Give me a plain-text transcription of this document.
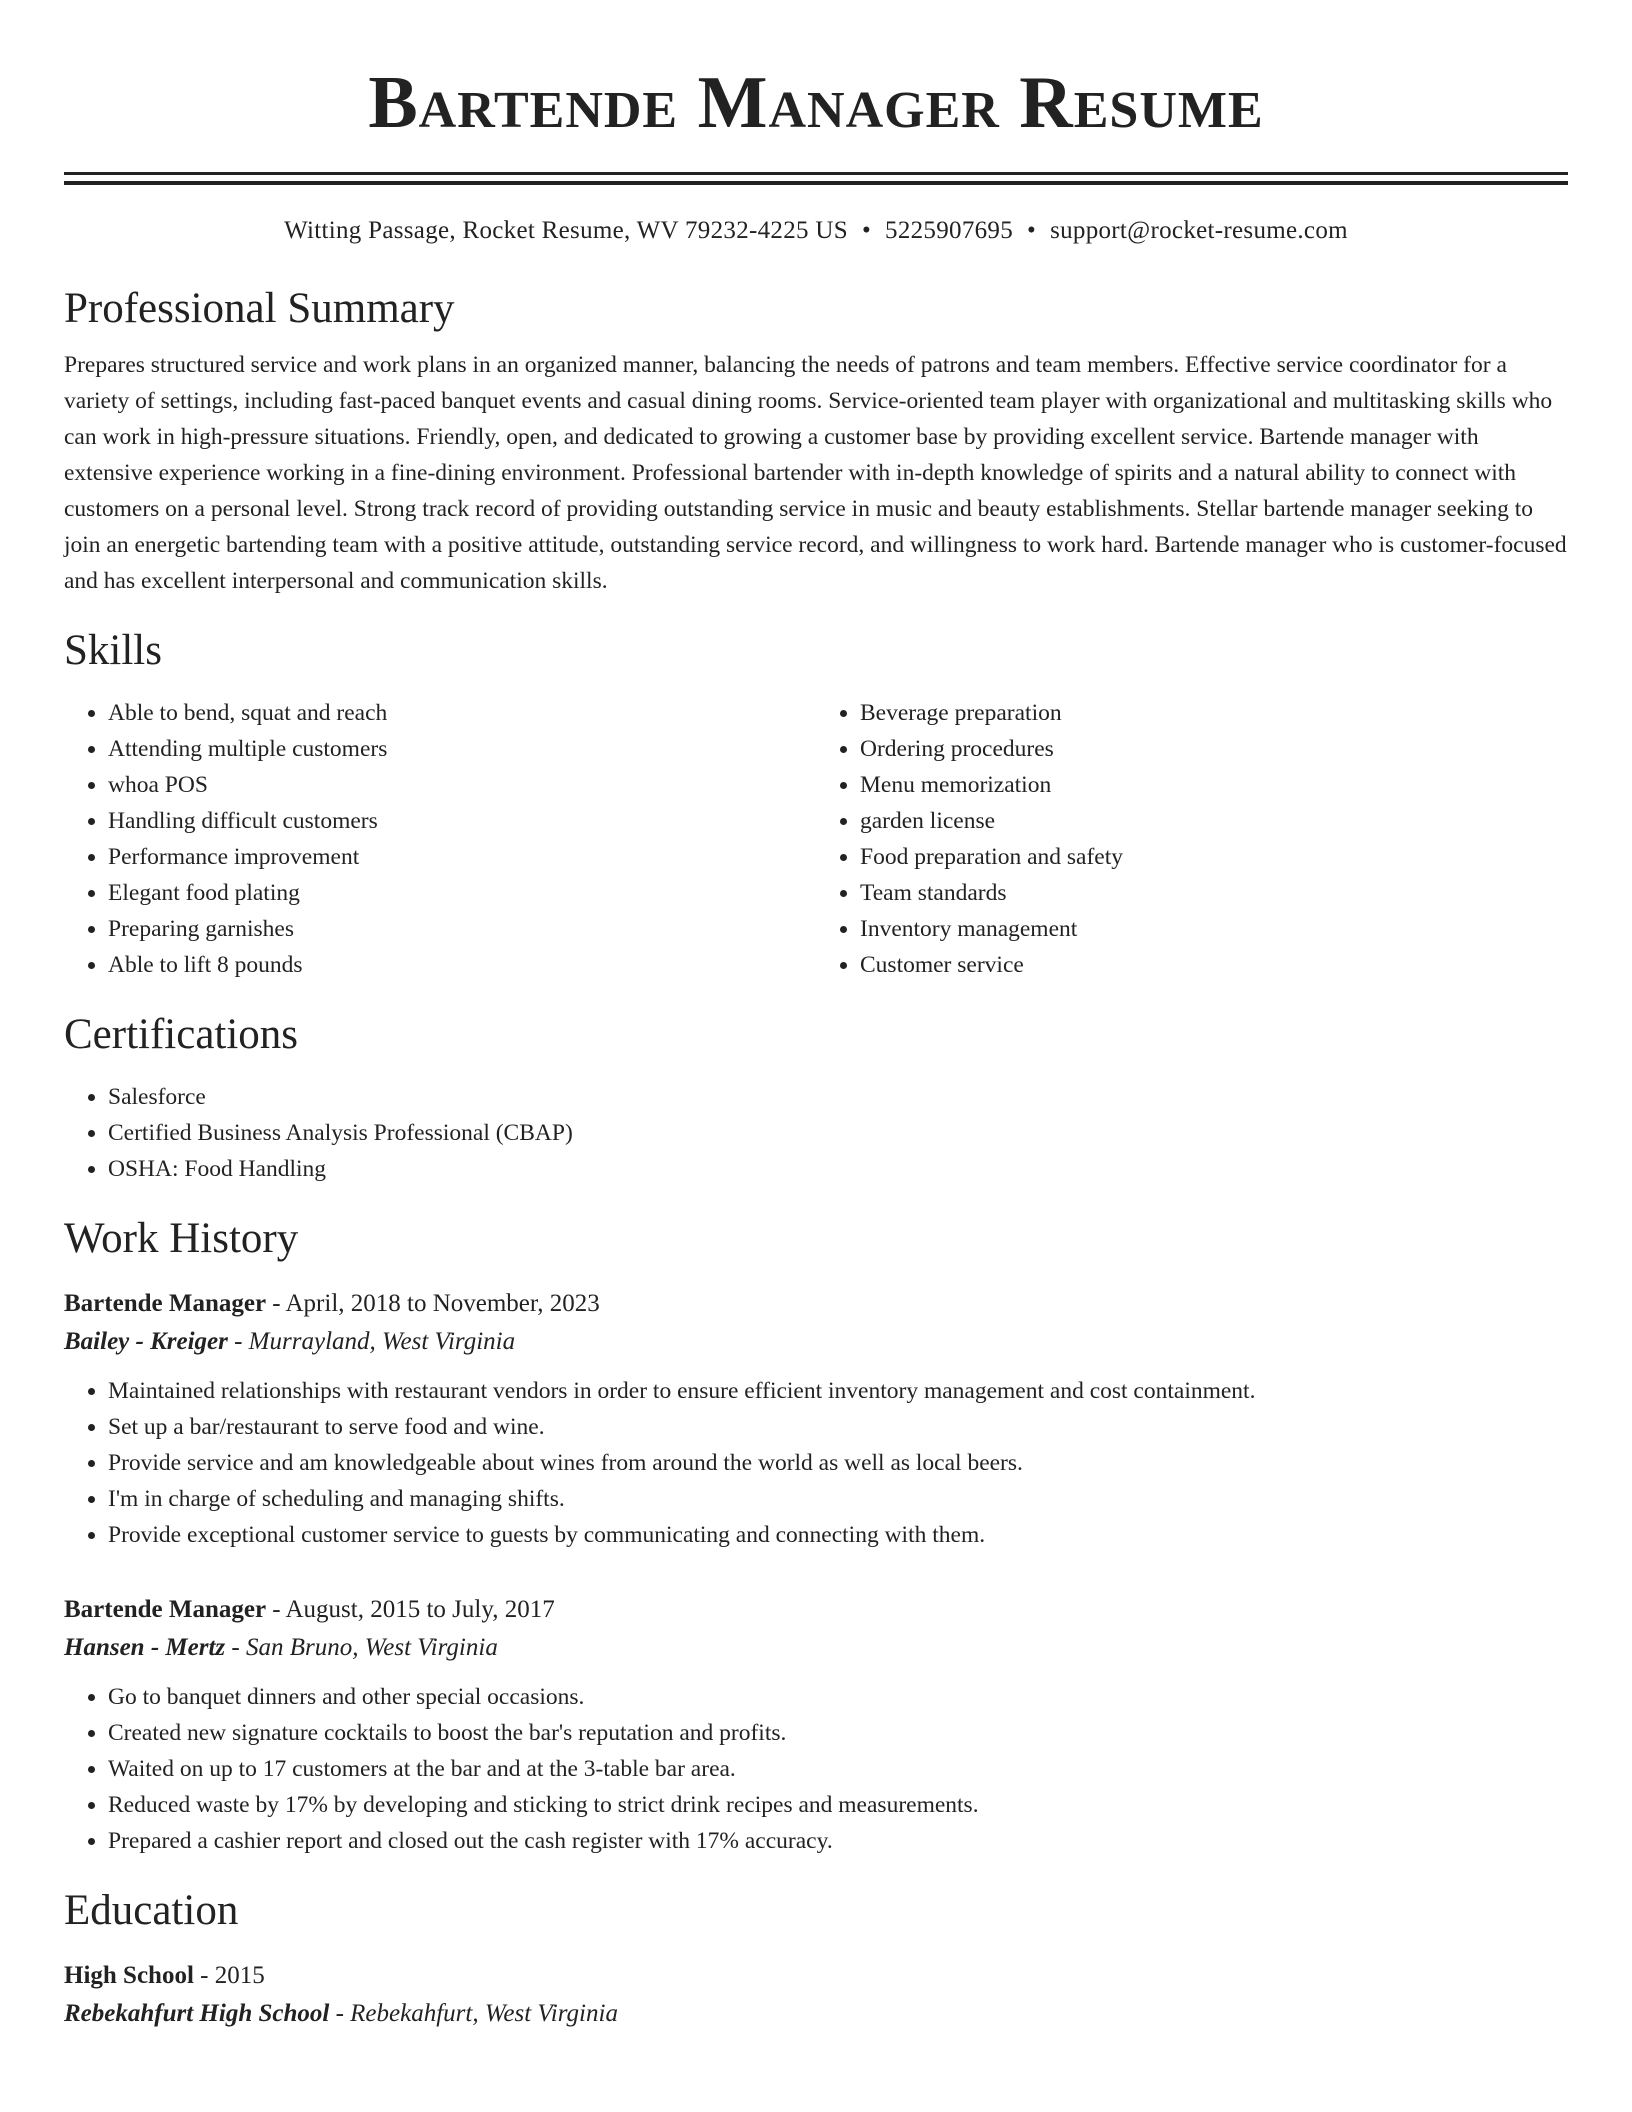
Bartende Manager Resume
Witting Passage, Rocket Resume, WV 79232-4225 US • 5225907695 • support@rocket-resume.com
Professional Summary

Prepares structured service and work plans in an organized manner, balancing the needs of patrons and team members. Effective service coordinator for a variety of settings, including fast-paced banquet events and casual dining rooms. Service-oriented team player with organizational and multitasking skills who can work in high-pressure situations. Friendly, open, and dedicated to growing a customer base by providing excellent service. Bartende manager with extensive experience working in a fine-dining environment. Professional bartender with in-depth knowledge of spirits and a natural ability to connect with customers on a personal level. Strong track record of providing outstanding service in music and beauty establishments. Stellar bartende manager seeking to join an energetic bartending team with a positive attitude, outstanding service record, and willingness to work hard. Bartende manager who is customer-focused and has excellent interpersonal and communication skills.

Skills
• Able to bend, squat and reach
• Attending multiple customers
• whoa POS
• Handling difficult customers
• Performance improvement
• Elegant food plating
• Preparing garnishes
• Able to lift 8 pounds
• Beverage preparation
• Ordering procedures
• Menu memorization
• garden license
• Food preparation and safety
• Team standards
• Inventory management
• Customer service
Certifications
• Salesforce
• Certified Business Analysis Professional (CBAP)
• OSHA: Food Handling
Work History
Bartende Manager - April, 2018 to November, 2023
Bailey - Kreiger - Murrayland, West Virginia
• Maintained relationships with restaurant vendors in order to ensure efficient inventory management and cost containment.
• Set up a bar/restaurant to serve food and wine.
• Provide service and am knowledgeable about wines from around the world as well as local beers.
• I'm in charge of scheduling and managing shifts.
• Provide exceptional customer service to guests by communicating and connecting with them.
Bartende Manager - August, 2015 to July, 2017
Hansen - Mertz - San Bruno, West Virginia
• Go to banquet dinners and other special occasions.
• Created new signature cocktails to boost the bar's reputation and profits.
• Waited on up to 17 customers at the bar and at the 3-table bar area.
• Reduced waste by 17% by developing and sticking to strict drink recipes and measurements.
• Prepared a cashier report and closed out the cash register with 17% accuracy.
Education
High School - 2015
Rebekahfurt High School - Rebekahfurt, West Virginia
